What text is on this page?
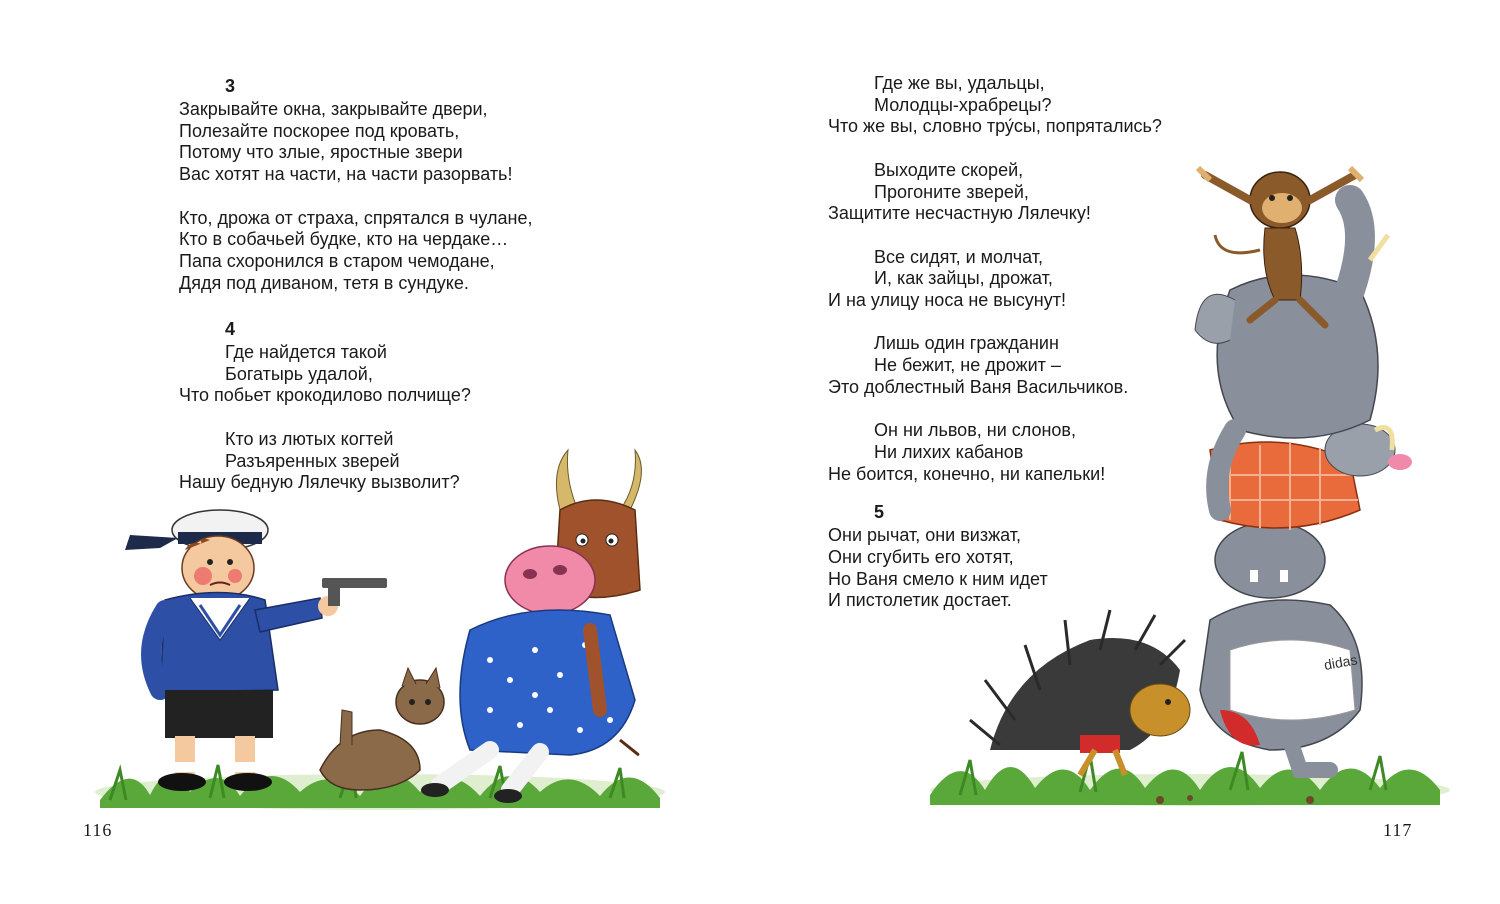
3
Закрывайте окна, закрывайте двери,
Полезайте поскорее под кровать,
Потому что злые, яростные звери
Вас хотят на части, на части разорвать!
Кто, дрожа от страха, спрятался в чулане,
Кто в собачьей будке, кто на чердаке…
Папа схоронился в старом чемодане,
Дядя под диваном, тетя в сундуке.
4
Где найдется такой
Богатырь удалой,
Что побьет крокодилово полчище?
Кто из лютых когтей
Разъяренных зверей
Нашу бедную Лялечку вызволит?
116	117
Где же вы, удальцы,
Молодцы-храбрецы?
Что же вы, словно тру́сы, попрятались?
Выходите скорей,
Прогоните зверей,
Защитите несчастную Лялечку!
Все сидят, и молчат,
И, как зайцы, дрожат,
И на улицу носа не высунут!
Лишь один гражданин
Не бежит, не дрожит –
Это доблестный Ваня Васильчиков.
Он ни львов, ни слонов,
Ни лихих кабанов
Не боится, конечно, ни капельки!
5
Они рычат, они визжат,
Они сгубить его хотят,
Но Ваня смело к ним идет
И пистолетик достает.
didas
